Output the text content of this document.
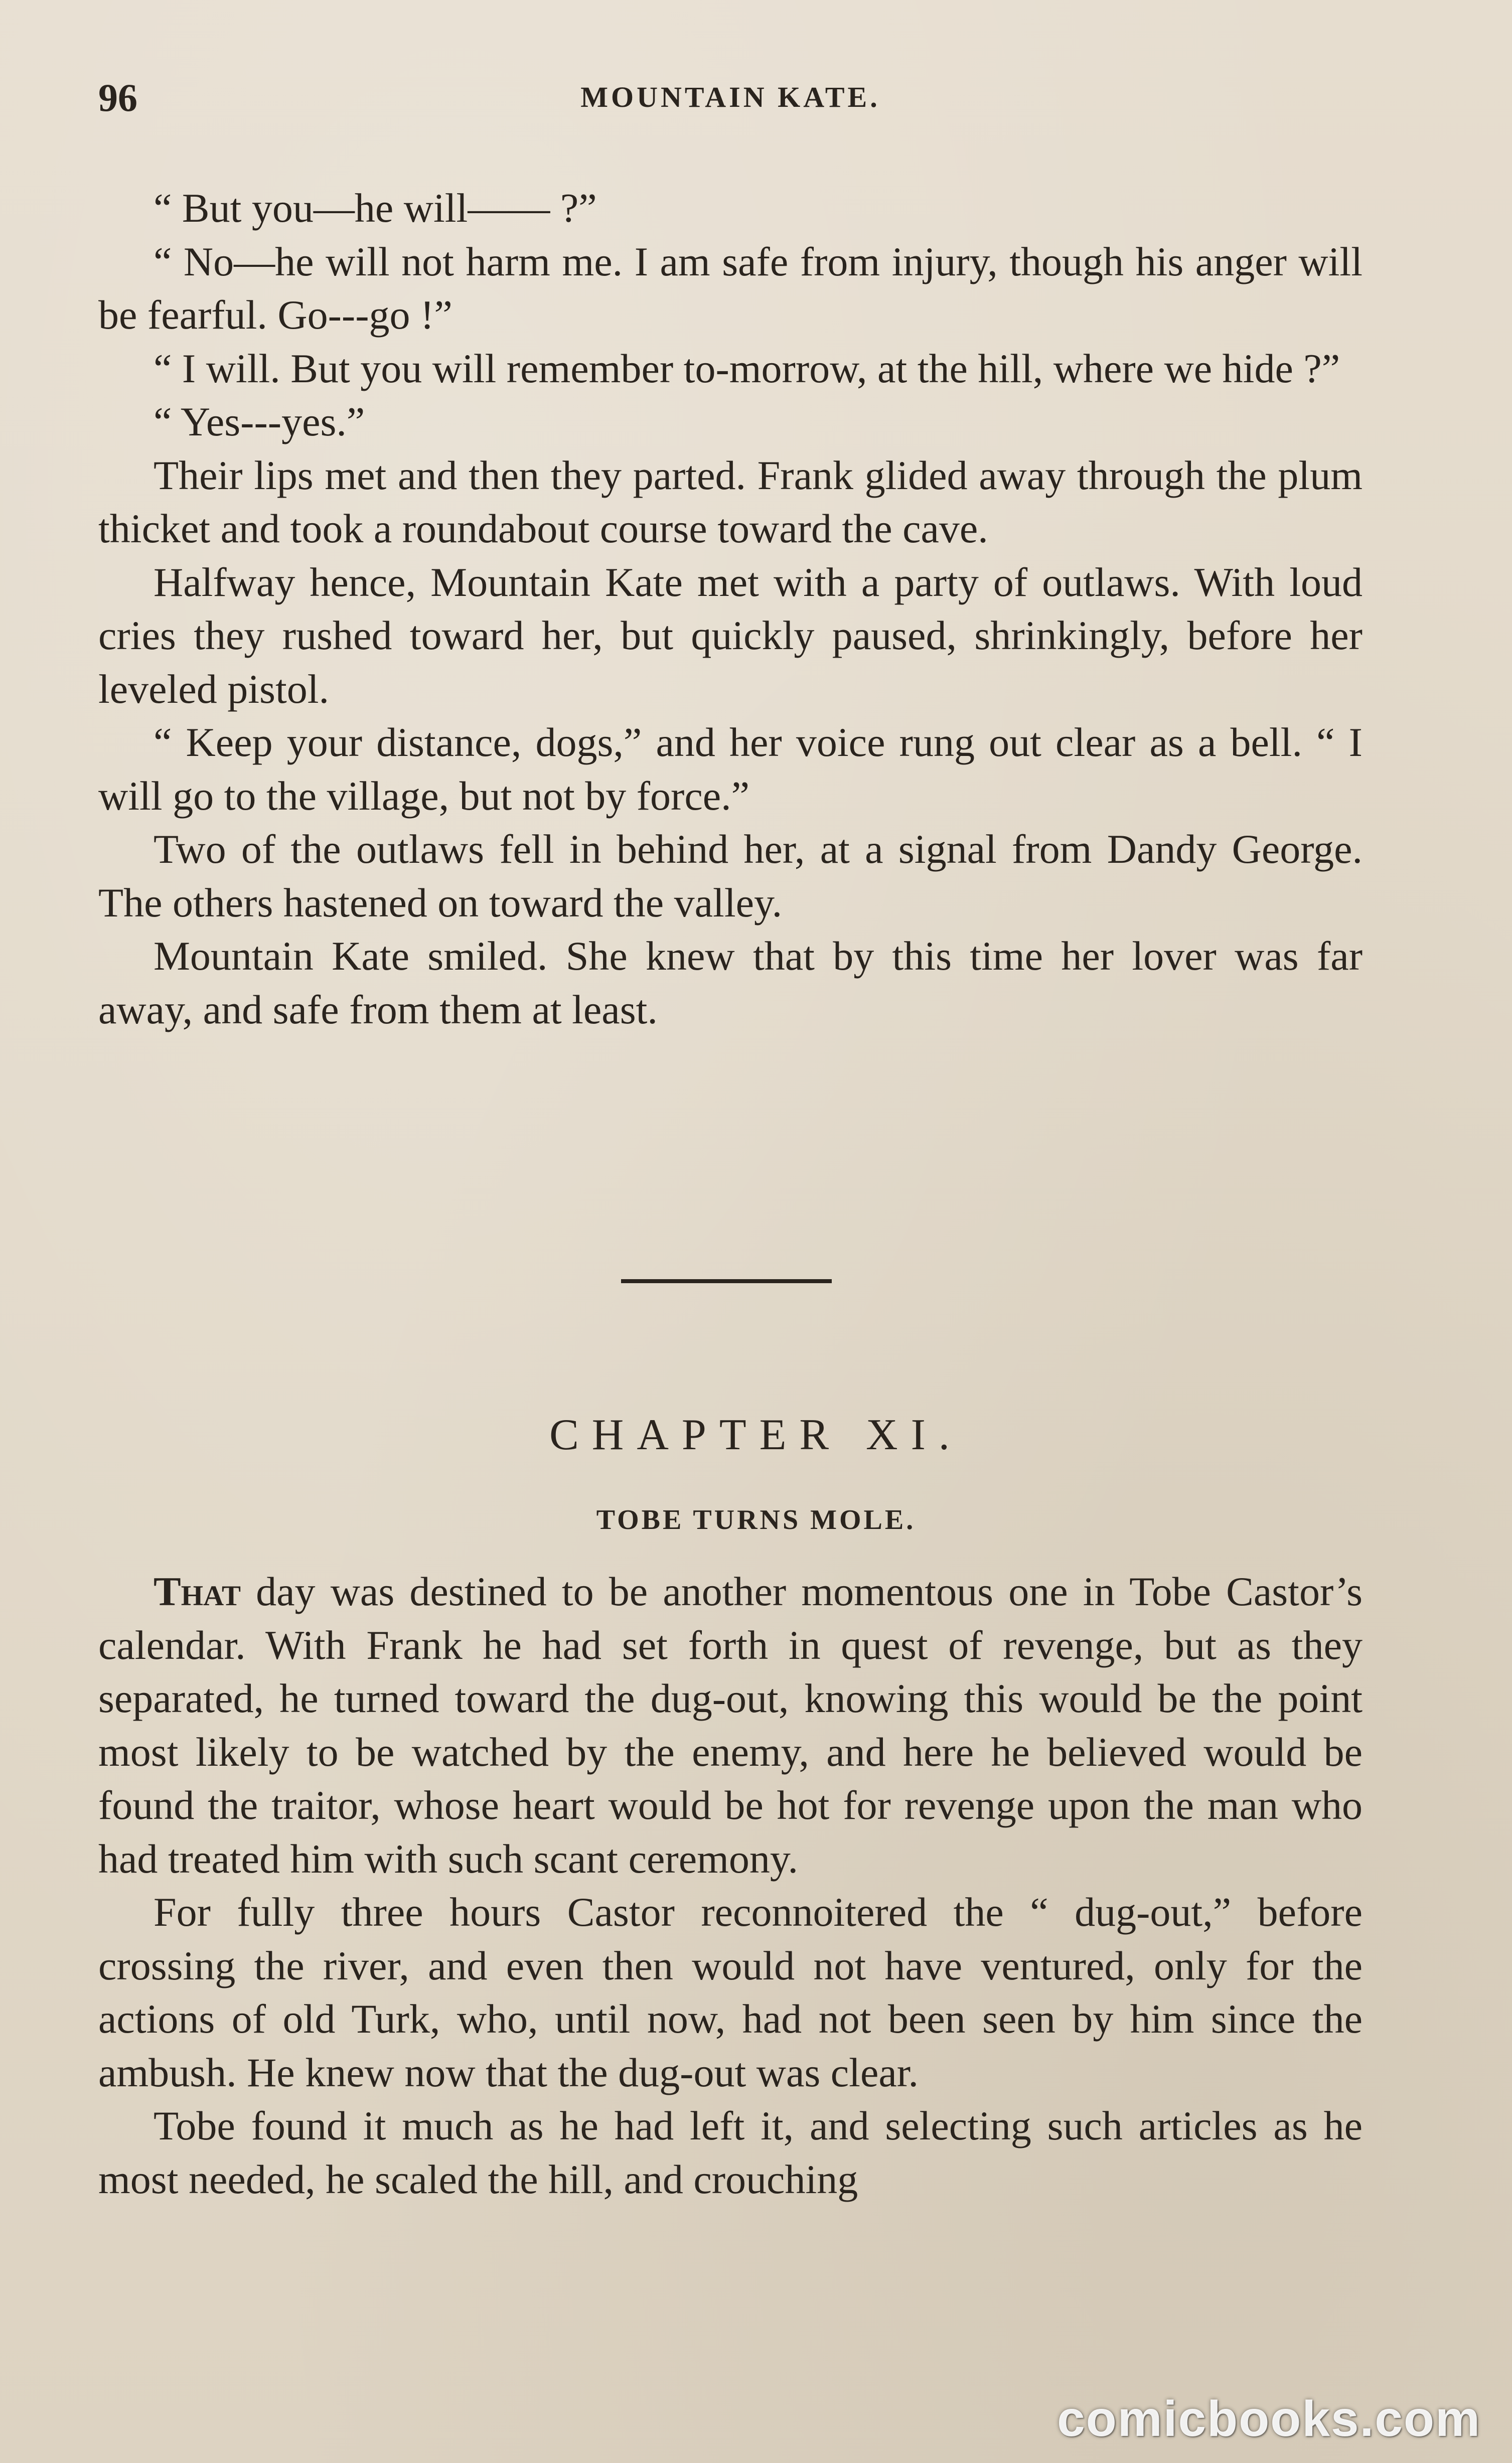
96	MOUNTAIN KATE.

“ But you—he will—— ?”

“ No—he will not harm me. I am safe from injury, though his anger will be fearful. Go---go !”

“ I will. But you will remember to-morrow, at the hill, where we hide ?”

“ Yes---yes.”

Their lips met and then they parted. Frank glided away through the plum thicket and took a roundabout course toward the cave.

Halfway hence, Mountain Kate met with a party of outlaws. With loud cries they rushed toward her, but quickly paused, shrinkingly, before her leveled pistol.

“ Keep your distance, dogs,” and her voice rung out clear as a bell. “ I will go to the village, but not by force.”

Two of the outlaws fell in behind her, at a signal from Dandy George. The others hastened on toward the valley.

Mountain Kate smiled. She knew that by this time her lover was far away, and safe from them at least.

CHAPTER XI.
TOBE TURNS MOLE.

That day was destined to be another momentous one in Tobe Castor’s calendar. With Frank he had set forth in quest of revenge, but as they separated, he turned toward the dug-out, knowing this would be the point most likely to be watched by the enemy, and here he believed would be found the traitor, whose heart would be hot for revenge upon the man who had treated him with such scant ceremony.

For fully three hours Castor reconnoitered the “ dug-out,” before crossing the river, and even then would not have ventured, only for the actions of old Turk, who, until now, had not been seen by him since the ambush. He knew now that the dug-out was clear.

Tobe found it much as he had left it, and selecting such articles as he most needed, he scaled the hill, and crouching

comicbooks.com
